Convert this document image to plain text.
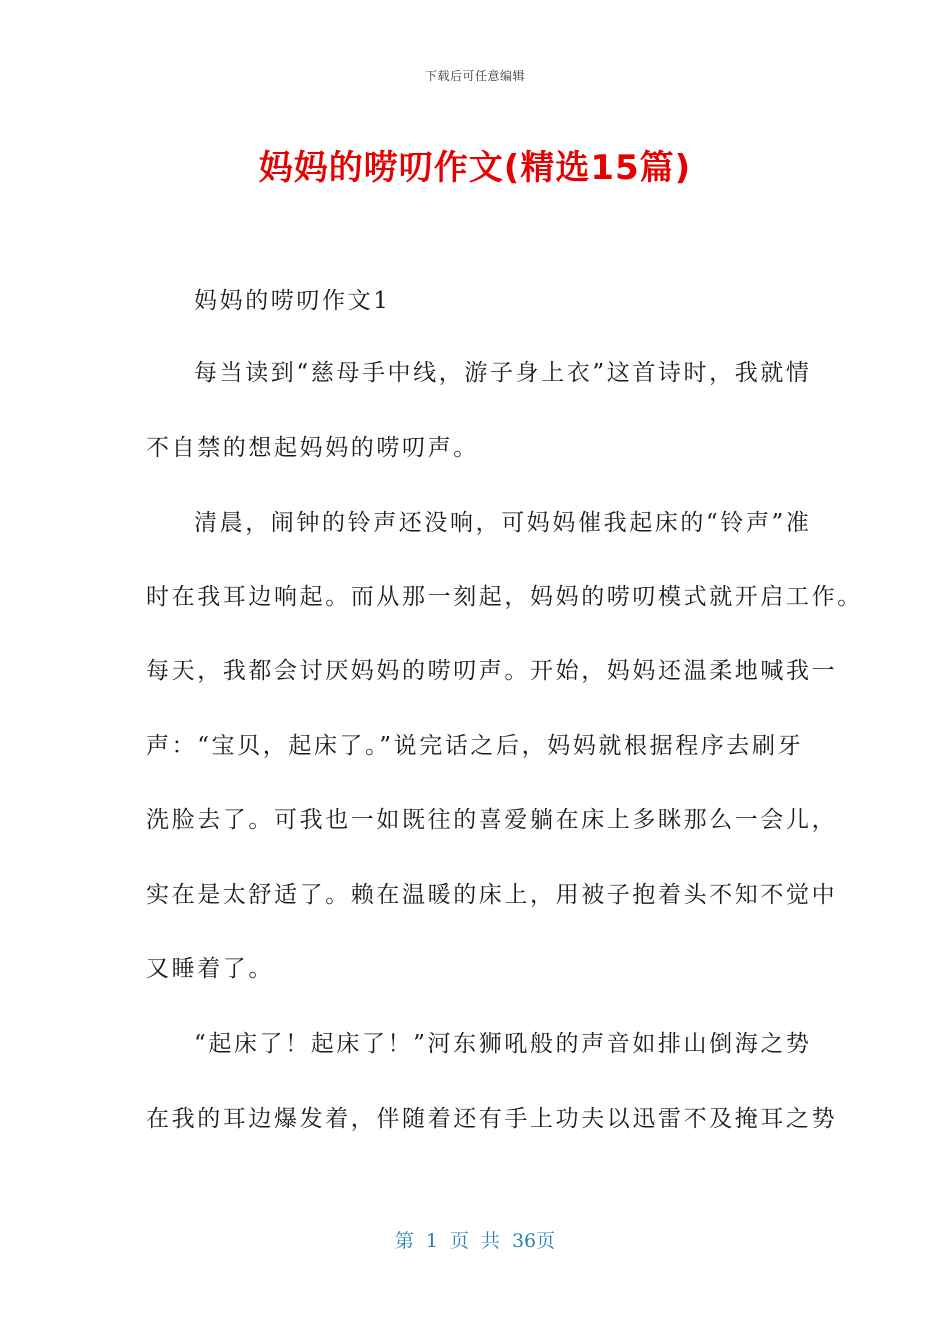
下载后可任意编辑
妈妈的唠叨作文(精选15篇)
妈妈的唠叨作文1
每当读到“慈母手中线，游子身上衣”这首诗时，我就情
不自禁的想起妈妈的唠叨声。
清晨，闹钟的铃声还没响，可妈妈催我起床的“铃声”准
时在我耳边响起。而从那一刻起，妈妈的唠叨模式就开启工作。
每天，我都会讨厌妈妈的唠叨声。开始，妈妈还温柔地喊我一
声：“宝贝，起床了。”说完话之后，妈妈就根据程序去刷牙
洗脸去了。可我也一如既往的喜爱躺在床上多眯那么一会儿，
实在是太舒适了。赖在温暖的床上，用被子抱着头不知不觉中
又睡着了。
“起床了！起床了！”河东狮吼般的声音如排山倒海之势
在我的耳边爆发着，伴随着还有手上功夫以迅雷不及掩耳之势
第 1 页 共 36页
